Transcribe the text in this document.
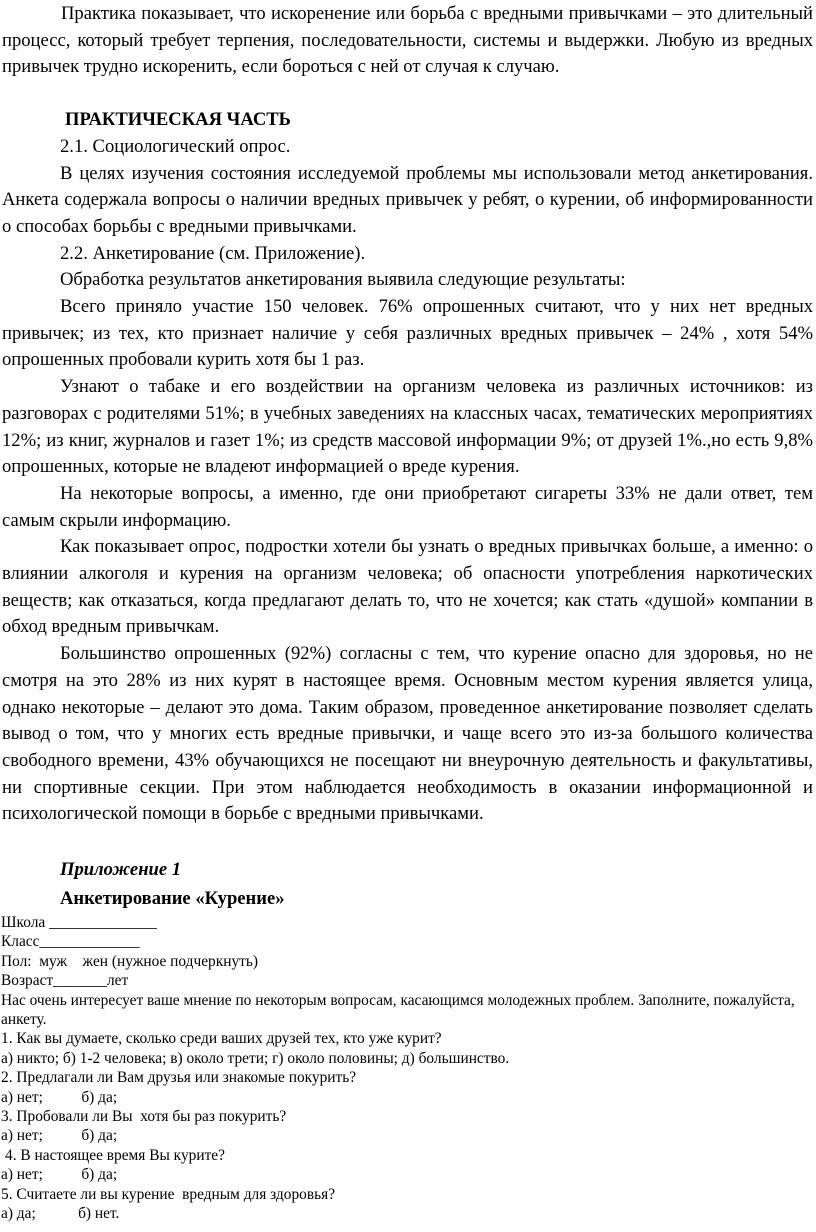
Практика показывает, что искоренение или борьба с вредными привычками – это длительный процесс, который требует терпения, последовательности, системы и выдержки. Любую из вредных привычек трудно искоренить, если бороться с ней от случая к случаю.

ПРАКТИЧЕСКАЯ ЧАСТЬ

2.1. Социологический опрос.

В целях изучения состояния исследуемой проблемы мы использовали метод анкетирования. Анкета содержала вопросы о наличии вредных привычек у ребят, о курении, об информированности о способах борьбы с вредными привычками.

2.2. Анкетирование (см. Приложение).

Обработка результатов анкетирования выявила следующие результаты:

Всего приняло участие 150 человек. 76% опрошенных считают, что у них нет вредных привычек; из тех, кто признает наличие у себя различных вредных привычек – 24% , хотя 54% опрошенных пробовали курить хотя бы 1 раз.

Узнают о табаке и его воздействии на организм человека из различных источников: из разговорах с родителями 51%; в учебных заведениях на классных часах, тематических мероприятиях 12%; из книг, журналов и газет 1%; из средств массовой информации 9%; от друзей 1%.,но есть 9,8% опрошенных, которые не владеют информацией о вреде курения.

На некоторые вопросы, а именно, где они приобретают сигареты 33% не дали ответ, тем самым скрыли информацию.

Как показывает опрос, подростки хотели бы узнать о вредных привычках больше, а именно: о влиянии алкоголя и курения на организм человека; об опасности употребления наркотических веществ; как отказаться, когда предлагают делать то, что не хочется; как стать «душой» компании в обход вредным привычкам.

Большинство опрошенных (92%) согласны с тем, что курение опасно для здоровья, но не смотря на это 28% из них курят в настоящее время. Основным местом курения является улица, однако некоторые – делают это дома. Таким образом, проведенное анкетирование позволяет сделать вывод о том, что у многих есть вредные привычки, и чаще всего это из-за большого количества свободного времени, 43% обучающихся не посещают ни внеурочную деятельность и факультативы, ни спортивные секции. При этом наблюдается необходимость в оказании информационной и психологической помощи в борьбе с вредными привычками.

Приложение 1
Анкетирование «Курение»
Школа ______________
Класс_____________
Пол:  муж    жен (нужное подчеркнуть)
Возраст_______лет
Нас очень интересует ваше мнение по некоторым вопросам, касающимся молодежных проблем. Заполните, пожалуйста, анкету.
1. Как вы думаете, сколько среди ваших друзей тех, кто уже курит?
а) никто; б) 1-2 человека; в) около трети; г) около половины; д) большинство.
2. Предлагали ли Вам друзья или знакомые покурить?
а) нет;          б) да;
3. Пробовали ли Вы  хотя бы раз покурить?
а) нет;          б) да;
4. В настоящее время Вы курите?
а) нет;          б) да;
5. Считаете ли вы курение  вредным для здоровья?
а) да;           б) нет.
